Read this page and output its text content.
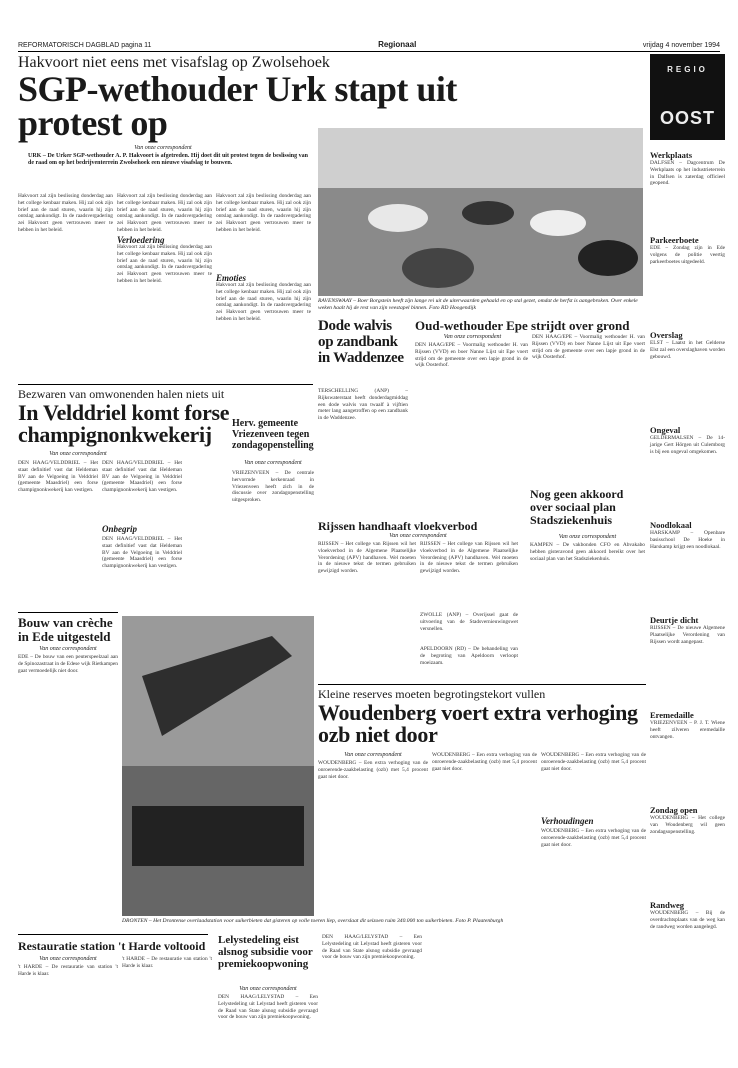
REFORMATORISCH DAGBLAD pagina 11	Regionaal	vrijdag 4 november 1994
Hakvoort niet eens met visafslag op Zwolsehoek
SGP-wethouder Urk stapt uit protest op
Van onze correspondent
URK – De Urker SGP-wethouder A. P. Hakvoort is afgetreden. Hij doet dit uit protest tegen de beslissing van de raad om op het bedrijventerrein Zwolsehoek een nieuwe visafslag te bouwen.
Hakvoort zal zijn beslissing donderdag aan het college kenbaar maken. Hij zal ook zijn brief aan de raad sturen, waarin hij zijn ontslag aankondigt. In de raadsvergadering zei Hakvoort geen vertrouwen meer te hebben in het beleid.
Hakvoort zal zijn beslissing donderdag aan het college kenbaar maken. Hij zal ook zijn brief aan de raad sturen, waarin hij zijn ontslag aankondigt. In de raadsvergadering zei Hakvoort geen vertrouwen meer te hebben in het beleid.
Verloedering
Hakvoort zal zijn beslissing donderdag aan het college kenbaar maken. Hij zal ook zijn brief aan de raad sturen, waarin hij zijn ontslag aankondigt. In de raadsvergadering zei Hakvoort geen vertrouwen meer te hebben in het beleid.
Hakvoort zal zijn beslissing donderdag aan het college kenbaar maken. Hij zal ook zijn brief aan de raad sturen, waarin hij zijn ontslag aankondigt. In de raadsvergadering zei Hakvoort geen vertrouwen meer te hebben in het beleid.
Emoties
Hakvoort zal zijn beslissing donderdag aan het college kenbaar maken. Hij zal ook zijn brief aan de raad sturen, waarin hij zijn ontslag aankondigt. In de raadsvergadering zei Hakvoort geen vertrouwen meer te hebben in het beleid.
RAVENSWAAY – Boer Borgstein heeft zijn lange rei uit de uiterwaarden gehaald en op stal gezet, omdat de herfst is aangebroken. Over enkele weken haalt hij de rest van zijn veestapel binnen. Foto RD Hoogendijk
REGIO
OOST
Dode walvis op zandbank in Waddenzee
TERSCHELLING (ANP) – Rijkswaterstaat heeft donderdagmiddag een dode walvis van twaalf à vijftien meter lang aangetroffen op een zandbank in de Waddenzee.
Oud-wethouder Epe strijdt over grond
Van onze correspondent
DEN HAAG/EPE – Voormalig wethouder H. van Rijssen (VVD) en boer Nanne Lijst uit Epe voert strijd om de gemeente over een lapje grond in de wijk Oosterhof.
DEN HAAG/EPE – Voormalig wethouder H. van Rijssen (VVD) en boer Nanne Lijst uit Epe voert strijd om de gemeente over een lapje grond in de wijk Oosterhof.
Werkplaats
DALFSEN – Dagcentrum De Werkplaats op het industrieterrein in Dalfsen is zaterdag officieel geopend.
Parkeerboete
EDE – Zondag zijn in Ede volgens de politie veertig parkeerboetes uitgedeeld.
Overslag
ELST – Laatst in het Gelderse Elst zal een overslaghaven worden gebouwd.
Ongeval
GELDERMALSEN – De 14-jarige Gert Hörgen uit Culemborg is bij een ongeval omgekomen.
Noodlokaal
HARSKAMP – Openbare basisschool De Hoeke in Harskamp krijgt een noodlokaal.
Deurtje dicht
RIJSSEN – De nieuwe Algemene Plaatselijke Verordening van Rijssen wordt aangepast.
Eremedaille
VRIEZENVEEN – P. J. T. Wiene heeft zilveren eremedaille ontvangen.
Zondag open
WOUDENBERG – Het college van Woudenberg wil geen zondagsopenstelling.
Randweg
WOUDENBERG – Bij de overdrachtsplaats van de weg kan de randweg worden aangelegd.
Bezwaren van omwonenden halen niets uit
In Velddriel komt forse champignonkwekerij
Van onze correspondent
DEN HAAG/VELDDRIEL – Het staat definitief vast dat Heldeman BV aan de Velgoeing in Velddriel (gemeente Maasdriel) een forse champignonkwekerij kan vestigen.
DEN HAAG/VELDDRIEL – Het staat definitief vast dat Heldeman BV aan de Velgoeing in Velddriel (gemeente Maasdriel) een forse champignonkwekerij kan vestigen.
Onbegrip
DEN HAAG/VELDDRIEL – Het staat definitief vast dat Heldeman BV aan de Velgoeing in Velddriel (gemeente Maasdriel) een forse champignonkwekerij kan vestigen.
Herv. gemeente Vriezenveen tegen zondagopenstelling
Van onze correspondent
VRIEZENVEEN – De centrale hervormde kerkenraad in Vriezenveen heeft zich in de discussie over zondagopenstelling uitgesproken.
Rijssen handhaaft vloekverbod
Van onze correspondent
RIJSSEN – Het college van Rijssen wil het vloekverbod in de Algemene Plaatselijke Verordening (APV) handhaven. Wel moeten in de nieuwe tekst de termen gebruiken gewijzigd worden.
RIJSSEN – Het college van Rijssen wil het vloekverbod in de Algemene Plaatselijke Verordening (APV) handhaven. Wel moeten in de nieuwe tekst de termen gebruiken gewijzigd worden.
ZWOLLE (ANP) – Overijssel gaat de uitvoering van de Stadsvernieuwingswet versnellen.
APELDOORN (RD) – De behandeling van de begroting van Apeldoorn verloopt moeizaam.
Nog geen akkoord over sociaal plan Stadsziekenhuis
Van onze correspondent
KAMPEN – De vakbonden CFO en Abvakabo hebben gisteravond geen akkoord bereikt over het sociaal plan van het Stadsziekenhuis.
Bouw van crèche in Ede uitgesteld
Van onze correspondent
EDE – De bouw van een peuterspeelzaal aan de Spinozastraat in de Edese wijk Rietkampen gaat vermoedelijk niet door.
DRONTEN – Het Drontense overlaadstation voor suikerbieten dat gisteren op volle toeren liep, overslaat dit seizoen ruim 340.000 ton suikerbieten. Foto P. Plaatenburgh
Kleine reserves moeten begrotingstekort vullen
Woudenberg voert extra verhoging ozb niet door
Van onze correspondent
WOUDENBERG – Een extra verhoging van de onroerende-zaakbelasting (ozb) met 5,4 procent gaat niet door.
WOUDENBERG – Een extra verhoging van de onroerende-zaakbelasting (ozb) met 5,4 procent gaat niet door.
WOUDENBERG – Een extra verhoging van de onroerende-zaakbelasting (ozb) met 5,4 procent gaat niet door.
Verhoudingen
WOUDENBERG – Een extra verhoging van de onroerende-zaakbelasting (ozb) met 5,4 procent gaat niet door.
Restauratie station 't Harde voltooid
Van onze correspondent
't HARDE – De restauratie van station 't Harde is klaar.
't HARDE – De restauratie van station 't Harde is klaar.
Lelystedeling eist alsnog subsidie voor premiekoopwoning
Van onze correspondent
DEN HAAG/LELYSTAD – Een Lelystedeling uit Lelystad heeft gisteren voor de Raad van State alsnog subsidie gevraagd voor de bouw van zijn premiekoopwoning.
DEN HAAG/LELYSTAD – Een Lelystedeling uit Lelystad heeft gisteren voor de Raad van State alsnog subsidie gevraagd voor de bouw van zijn premiekoopwoning.
